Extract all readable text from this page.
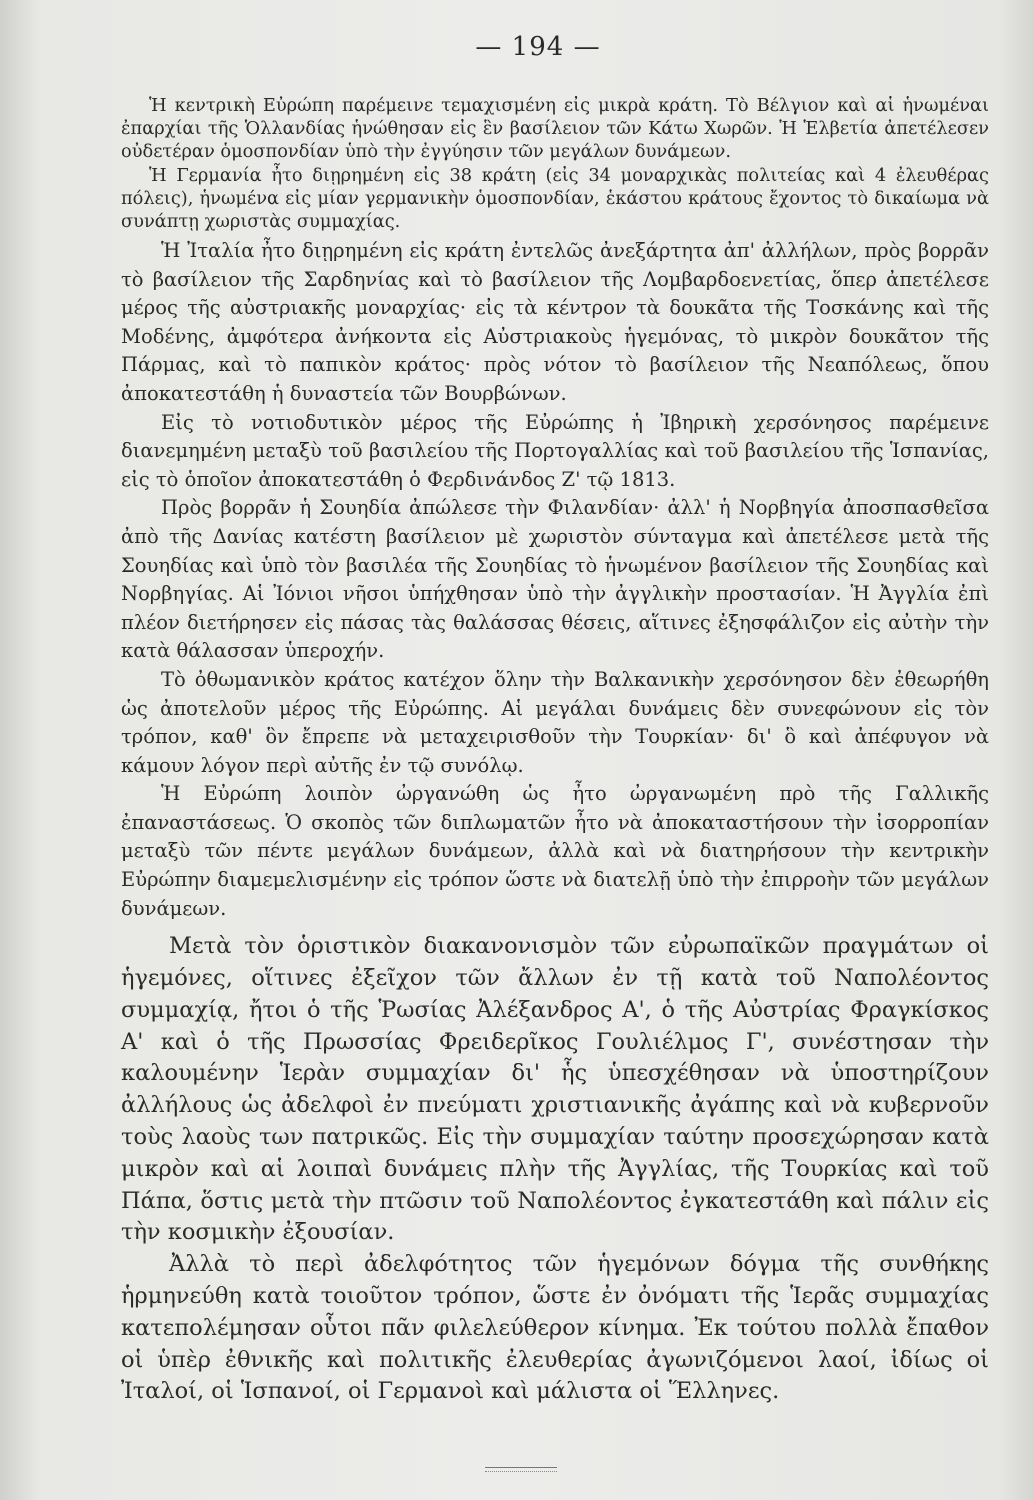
— 194 —

Ἡ κεντρικὴ Εὐρώπη παρέμεινε τεμαχισμένη εἰς μικρὰ κράτη. Τὸ Βέλγιον καὶ αἱ ἡνωμέναι ἐπαρχίαι τῆς Ὁλλανδίας ἡνώθησαν εἰς ἓν βασίλειον τῶν Κάτω Χωρῶν. Ἡ Ἑλβετία ἀπετέλεσεν οὐδετέραν ὁμοσπονδίαν ὑπὸ τὴν ἐγγύησιν τῶν μεγάλων δυνάμεων.

Ἡ Γερμανία ἦτο διῃρημένη εἰς 38 κράτη (εἰς 34 μοναρχικὰς πολιτείας καὶ 4 ἐλευθέρας πόλεις), ἡνωμένα εἰς μίαν γερμανικὴν ὁμοσπονδίαν, ἑκάστου κράτους ἔχοντος τὸ δικαίωμα νὰ συνάπτῃ χωριστὰς συμμαχίας.

Ἡ Ἰταλία ἦτο διῃρημένη εἰς κράτη ἐντελῶς ἀνεξάρτητα ἀπ' ἀλλήλων, πρὸς βορρᾶν τὸ βασίλειον τῆς Σαρδηνίας καὶ τὸ βασίλειον τῆς Λομβαρδοενετίας, ὅπερ ἀπετέλεσε μέρος τῆς αὐστριακῆς μοναρχίας· εἰς τὰ κέντρον τὰ δουκᾶτα τῆς Τοσκάνης καὶ τῆς Μοδένης, ἀμφότερα ἀνήκοντα εἰς Αὐστριακοὺς ἡγεμόνας, τὸ μικρὸν δουκᾶτον τῆς Πάρμας, καὶ τὸ παπικὸν κράτος· πρὸς νότον τὸ βασίλειον τῆς Νεαπόλεως, ὅπου ἀποκατεστάθη ἡ δυναστεία τῶν Βουρβώνων.

Εἰς τὸ νοτιοδυτικὸν μέρος τῆς Εὐρώπης ἡ Ἰβηρικὴ χερσόνησος παρέμεινε διανεμημένη μεταξὺ τοῦ βασιλείου τῆς Πορτογαλλίας καὶ τοῦ βασιλείου τῆς Ἱσπανίας, εἰς τὸ ὁποῖον ἀποκατεστάθη ὁ Φερδινάνδος Ζ' τῷ 1813.

Πρὸς βορρᾶν ἡ Σουηδία ἀπώλεσε τὴν Φιλανδίαν· ἀλλ' ἡ Νορβηγία ἀποσπασθεῖσα ἀπὸ τῆς Δανίας κατέστη βασίλειον μὲ χωριστὸν σύνταγμα καὶ ἀπετέλεσε μετὰ τῆς Σουηδίας καὶ ὑπὸ τὸν βασιλέα τῆς Σουηδίας τὸ ἡνωμένον βασίλειον τῆς Σουηδίας καὶ Νορβηγίας. Αἱ Ἰόνιοι νῆσοι ὑπήχθησαν ὑπὸ τὴν ἀγγλικὴν προστασίαν. Ἡ Ἀγγλία ἐπὶ πλέον διετήρησεν εἰς πάσας τὰς θαλάσσας θέσεις, αἵτινες ἐξησφάλιζον εἰς αὐτὴν τὴν κατὰ θάλασσαν ὑπεροχήν.

Τὸ ὀθωμανικὸν κράτος κατέχον ὅλην τὴν Βαλκανικὴν χερσόνησον δὲν ἐθεωρήθη ὡς ἀποτελοῦν μέρος τῆς Εὐρώπης. Αἱ μεγάλαι δυνάμεις δὲν συνεφώνουν εἰς τὸν τρόπον, καθ' ὃν ἔπρεπε νὰ μεταχειρισθοῦν τὴν Τουρκίαν· δι' ὃ καὶ ἀπέφυγον νὰ κάμουν λόγον περὶ αὐτῆς ἐν τῷ συνόλῳ.

Ἡ Εὐρώπη λοιπὸν ὠργανώθη ὡς ἦτο ὠργανωμένη πρὸ τῆς Γαλλικῆς ἐπαναστάσεως. Ὁ σκοπὸς τῶν διπλωματῶν ἦτο νὰ ἀποκαταστήσουν τὴν ἰσορροπίαν μεταξὺ τῶν πέντε μεγάλων δυνάμεων, ἀλλὰ καὶ νὰ διατηρήσουν τὴν κεντρικὴν Εὐρώπην διαμεμελισμένην εἰς τρόπον ὥστε νὰ διατελῇ ὑπὸ τὴν ἐπιρροὴν τῶν μεγάλων δυνάμεων.

Μετὰ τὸν ὁριστικὸν διακανονισμὸν τῶν εὐρωπαϊκῶν πραγμάτων οἱ ἡγεμόνες, οἵτινες ἐξεῖχον τῶν ἄλλων ἐν τῇ κατὰ τοῦ Ναπολέοντος συμμαχίᾳ, ἤτοι ὁ τῆς Ῥωσίας Ἀλέξανδρος Α', ὁ τῆς Αὐστρίας Φραγκίσκος Α' καὶ ὁ τῆς Πρωσσίας Φρειδερῖκος Γουλιέλμος Γ', συνέστησαν τὴν καλουμένην Ἱερὰν συμμαχίαν δι' ἧς ὑπεσχέθησαν νὰ ὑποστηρίζουν ἀλλήλους ὡς ἀδελφοὶ ἐν πνεύματι χριστιανικῆς ἀγάπης καὶ νὰ κυβερνοῦν τοὺς λαοὺς των πατρικῶς. Εἰς τὴν συμμαχίαν ταύτην προσεχώρησαν κατὰ μικρὸν καὶ αἱ λοιπαὶ δυνάμεις πλὴν τῆς Ἀγγλίας, τῆς Τουρκίας καὶ τοῦ Πάπα, ὅστις μετὰ τὴν πτῶσιν τοῦ Ναπολέοντος ἐγκατεστάθη καὶ πάλιν εἰς τὴν κοσμικὴν ἐξουσίαν.

Ἀλλὰ τὸ περὶ ἀδελφότητος τῶν ἡγεμόνων δόγμα τῆς συνθήκης ἡρμηνεύθη κατὰ τοιοῦτον τρόπον, ὥστε ἐν ὀνόματι τῆς Ἱερᾶς συμμαχίας κατεπολέμησαν οὗτοι πᾶν φιλελεύθερον κίνημα. Ἐκ τούτου πολλὰ ἔπαθον οἱ ὑπὲρ ἐθνικῆς καὶ πολιτικῆς ἐλευθερίας ἀγωνιζόμενοι λαοί, ἰδίως οἱ Ἰταλοί, οἱ Ἱσπανοί, οἱ Γερμανοὶ καὶ μάλιστα οἱ Ἕλληνες.
